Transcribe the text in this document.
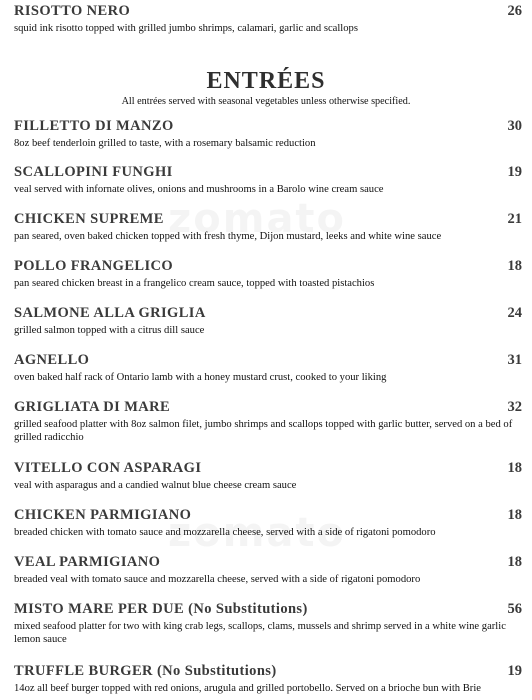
RISOTTO NERO	26
squid ink risotto topped with grilled jumbo shrimps, calamari, garlic and scallops
ENTRÉES
All entrées served with seasonal vegetables unless otherwise specified.
FILLETTO DI MANZO	30
8oz beef tenderloin grilled to taste, with a rosemary balsamic reduction
SCALLOPINI FUNGHI	19
veal served with infornate olives, onions and mushrooms in a Barolo wine cream sauce
CHICKEN SUPREME	21
pan seared, oven baked chicken topped with fresh thyme, Dijon mustard, leeks and white wine sauce
POLLO FRANGELICO	18
pan seared chicken breast in a frangelico cream sauce, topped with toasted pistachios
SALMONE ALLA GRIGLIA	24
grilled salmon topped with a citrus dill sauce
AGNELLO	31
oven baked half rack of Ontario lamb with a honey mustard crust, cooked to your liking
GRIGLIATA DI MARE	32
grilled seafood platter with 8oz salmon filet, jumbo shrimps and scallops topped with garlic butter, served on a bed of grilled radicchio
VITELLO CON ASPARAGI	18
veal with asparagus and a candied walnut blue cheese cream sauce
CHICKEN PARMIGIANO	18
breaded chicken with tomato sauce and mozzarella cheese, served with a side of rigatoni pomodoro
VEAL PARMIGIANO	18
breaded veal with tomato sauce and mozzarella cheese, served with a side of rigatoni pomodoro
MISTO MARE PER DUE (No Substitutions)	56
mixed seafood platter for two with king crab legs, scallops, clams, mussels and shrimp served in a white wine garlic lemon sauce
TRUFFLE BURGER (No Substitutions)	19
14oz all beef burger topped with red onions, arugula and grilled portobello. Served on a brioche bun with Brie
